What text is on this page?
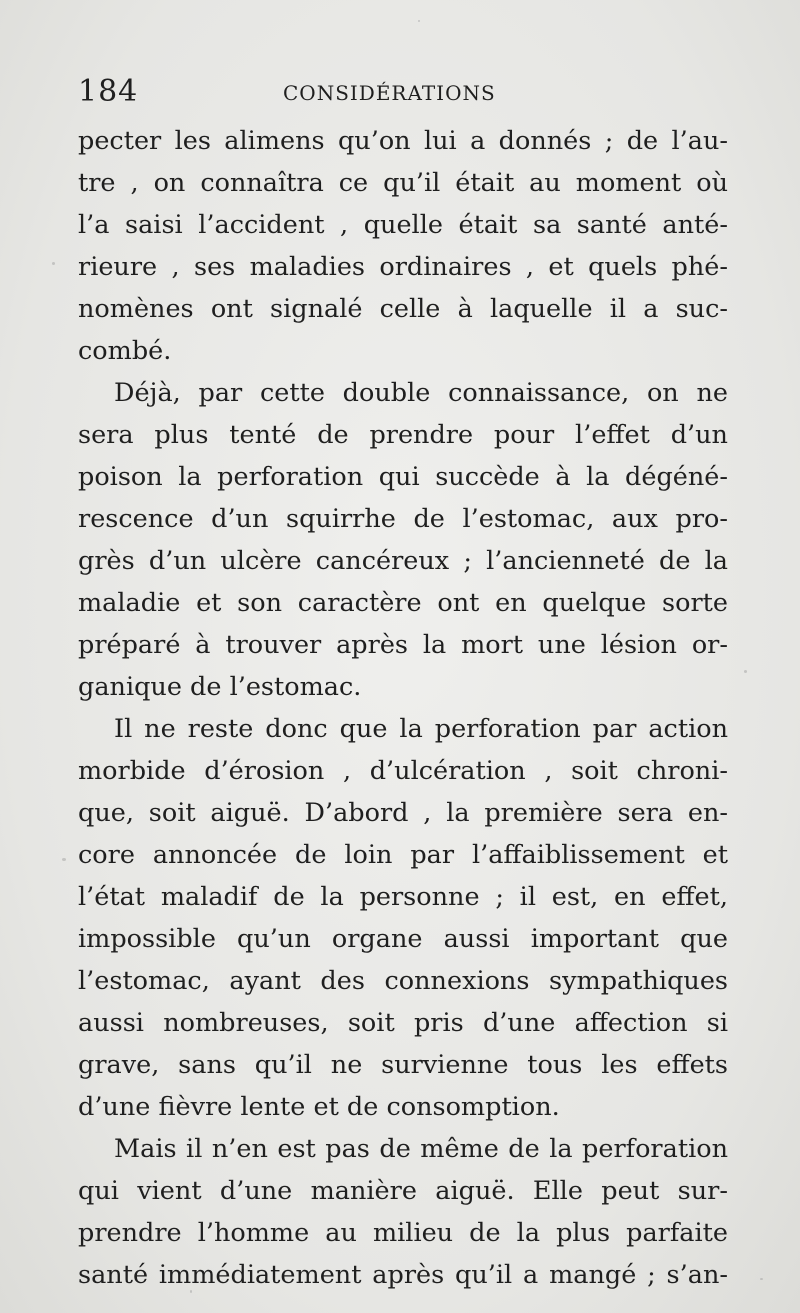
184	CONSIDÉRATIONS
pecter les alimens qu’on lui a donnés ; de l’au-
tre , on connaîtra ce qu’il était au moment où
l’a saisi l’accident , quelle était sa santé anté-
rieure , ses maladies ordinaires , et quels phé-
nomènes ont signalé celle à laquelle il a suc-
combé.
Déjà, par cette double connaissance, on ne
sera plus tenté de prendre pour l’effet d’un
poison la perforation qui succède à la dégéné-
rescence d’un squirrhe de l’estomac, aux pro-
grès d’un ulcère cancéreux ; l’ancienneté de la
maladie et son caractère ont en quelque sorte
préparé à trouver après la mort une lésion or-
ganique de l’estomac.
Il ne reste donc que la perforation par action
morbide d’érosion , d’ulcération , soit chroni-
que, soit aiguë. D’abord , la première sera en-
core annoncée de loin par l’affaiblissement et
l’état maladif de la personne ; il est, en effet,
impossible qu’un organe aussi important que
l’estomac, ayant des connexions sympathiques
aussi nombreuses, soit pris d’une affection si
grave, sans qu’il ne survienne tous les effets
d’une fièvre lente et de consomption.
Mais il n’en est pas de même de la perforation
qui vient d’une manière aiguë. Elle peut sur-
prendre l’homme au milieu de la plus parfaite
santé immédiatement après qu’il a mangé ; s’an-
